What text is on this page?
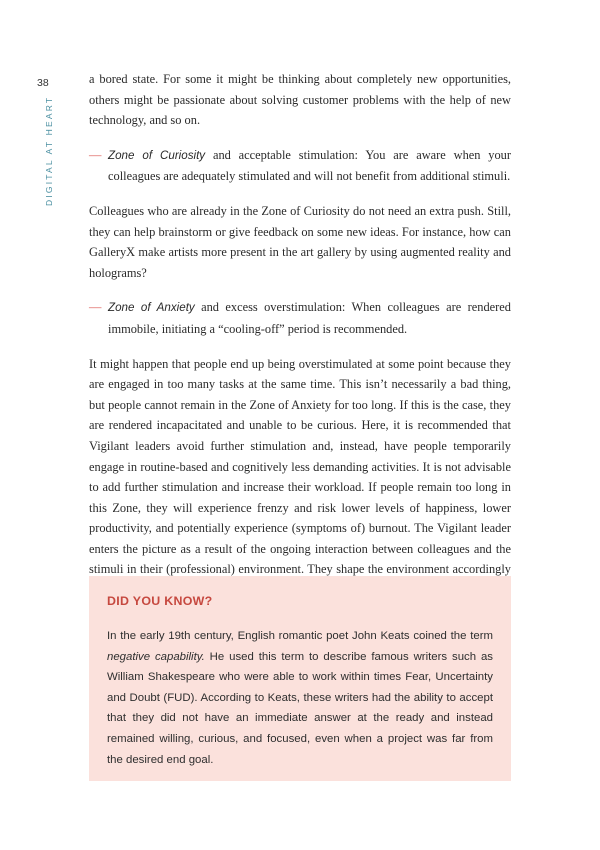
38
DIGITAL AT HEART

a bored state. For some it might be thinking about completely new opportunities, others might be passionate about solving customer problems with the help of new technology, and so on.

— Zone of Curiosity and acceptable stimulation: You are aware when your colleagues are adequately stimulated and will not benefit from additional stimuli.

Colleagues who are already in the Zone of Curiosity do not need an extra push. Still, they can help brainstorm or give feedback on some new ideas. For instance, how can GalleryX make artists more present in the art gallery by using augmented reality and holograms?

— Zone of Anxiety and excess overstimulation: When colleagues are rendered immobile, initiating a “cooling-off” period is recommended.

It might happen that people end up being overstimulated at some point because they are engaged in too many tasks at the same time. This isn’t necessarily a bad thing, but people cannot remain in the Zone of Anxiety for too long. If this is the case, they are rendered incapacitated and unable to be curious. Here, it is recommended that Vigilant leaders avoid further stimulation and, instead, have people temporarily engage in routine-based and cognitively less demanding activities. It is not advisable to add further stimulation and increase their workload. If people remain too long in this Zone, they will experience frenzy and risk lower levels of happiness, lower productivity, and potentially experience (symptoms of) burnout. The Vigilant leader enters the picture as a result of the ongoing interaction between colleagues and the stimuli in their (professional) environment. They shape the environment accordingly

DID YOU KNOW?

In the early 19th century, English romantic poet John Keats coined the term negative capability. He used this term to describe famous writers such as William Shakespeare who were able to work within times Fear, Uncertainty and Doubt (FUD). According to Keats, these writers had the ability to accept that they did not have an immediate answer at the ready and instead remained willing, curious, and focused, even when a project was far from the desired end goal.
